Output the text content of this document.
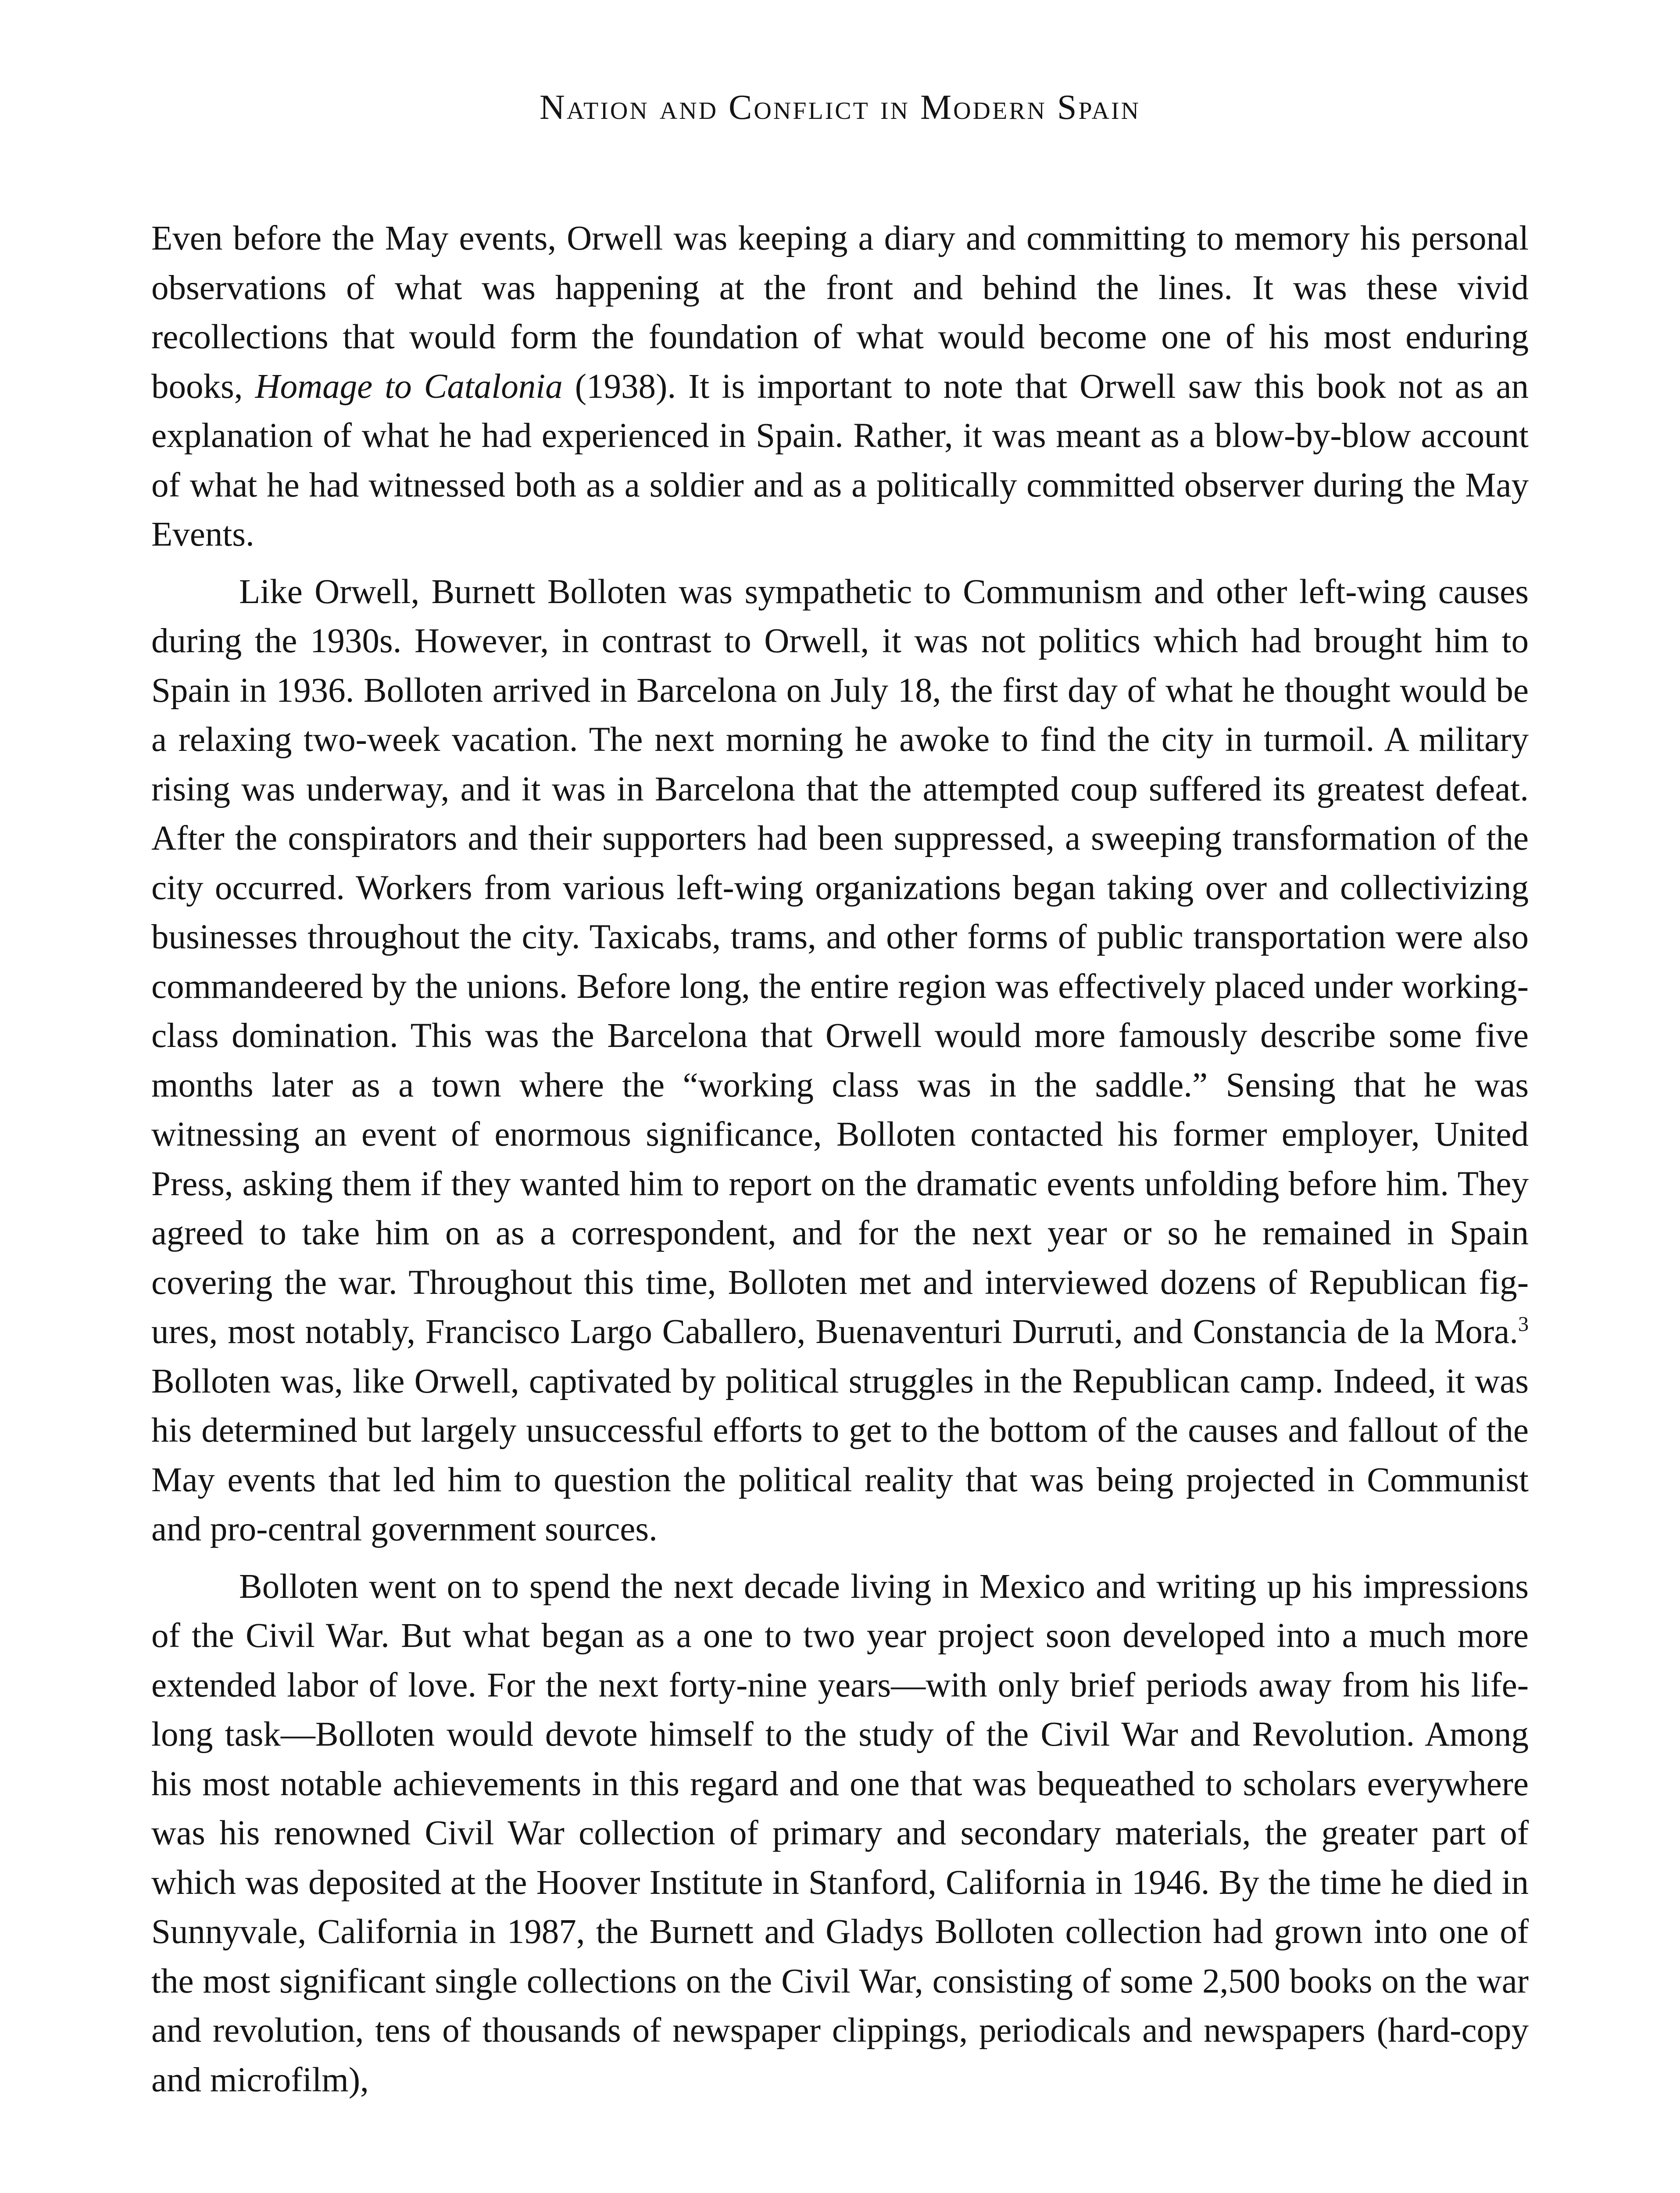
Nation and Conflict in Modern Spain

Even before the May events, Orwell was keeping a diary and committing to memory his personal observations of what was happening at the front and behind the lines. It was these vivid recollections that would form the foundation of what would become one of his most enduring books, Homage to Catalonia (1938). It is important to note that Orwell saw this book not as an explanation of what he had experienced in Spain. Rather, it was meant as a blow-by-blow account of what he had witnessed both as a soldier and as a politically committed observer during the May Events.

Like Orwell, Burnett Bolloten was sympathetic to Communism and other left-wing causes during the 1930s. However, in contrast to Orwell, it was not politics which had brought him to Spain in 1936. Bolloten arrived in Barcelona on July 18, the first day of what he thought would be a relaxing two-week vacation. The next morning he awoke to find the city in turmoil. A military rising was underway, and it was in Barcelona that the attempted coup suffered its greatest defeat. After the conspirators and their supporters had been suppressed, a sweeping transformation of the city occurred. Workers from various left-wing organizations began taking over and collectivizing businesses throughout the city. Taxicabs, trams, and other forms of public transportation were also commandeered by the unions. Before long, the entire region was effectively placed under working-class domination. This was the Barcelona that Orwell would more famously describe some five months later as a town where the “working class was in the saddle.” Sensing that he was witnessing an event of enormous significance, Bolloten contacted his former employer, United Press, asking them if they wanted him to report on the dramatic events unfolding before him. They agreed to take him on as a correspondent, and for the next year or so he remained in Spain covering the war. Throughout this time, Bolloten met and interviewed dozens of Republican figures, most notably, Francisco Largo Caballero, Buenaventuri Durruti, and Constancia de la Mora.$^3$ Bolloten was, like Orwell, captivated by political struggles in the Republican camp. Indeed, it was his determined but largely unsuccessful efforts to get to the bottom of the causes and fallout of the May events that led him to question the political reality that was being projected in Communist and pro-central government sources.

Bolloten went on to spend the next decade living in Mexico and writing up his impressions of the Civil War. But what began as a one to two year project soon developed into a much more extended labor of love. For the next forty-nine years—with only brief periods away from his life-long task—Bolloten would devote himself to the study of the Civil War and Revolution. Among his most notable achievements in this regard and one that was bequeathed to scholars everywhere was his renowned Civil War collection of primary and secondary materials, the greater part of which was deposited at the Hoover Institute in Stanford, California in 1946. By the time he died in Sunnyvale, California in 1987, the Burnett and Gladys Bolloten collection had grown into one of the most significant single collections on the Civil War, consisting of some 2,500 books on the war and revolution, tens of thousands of newspaper clippings, periodicals and newspapers (hard-copy and microfilm),
